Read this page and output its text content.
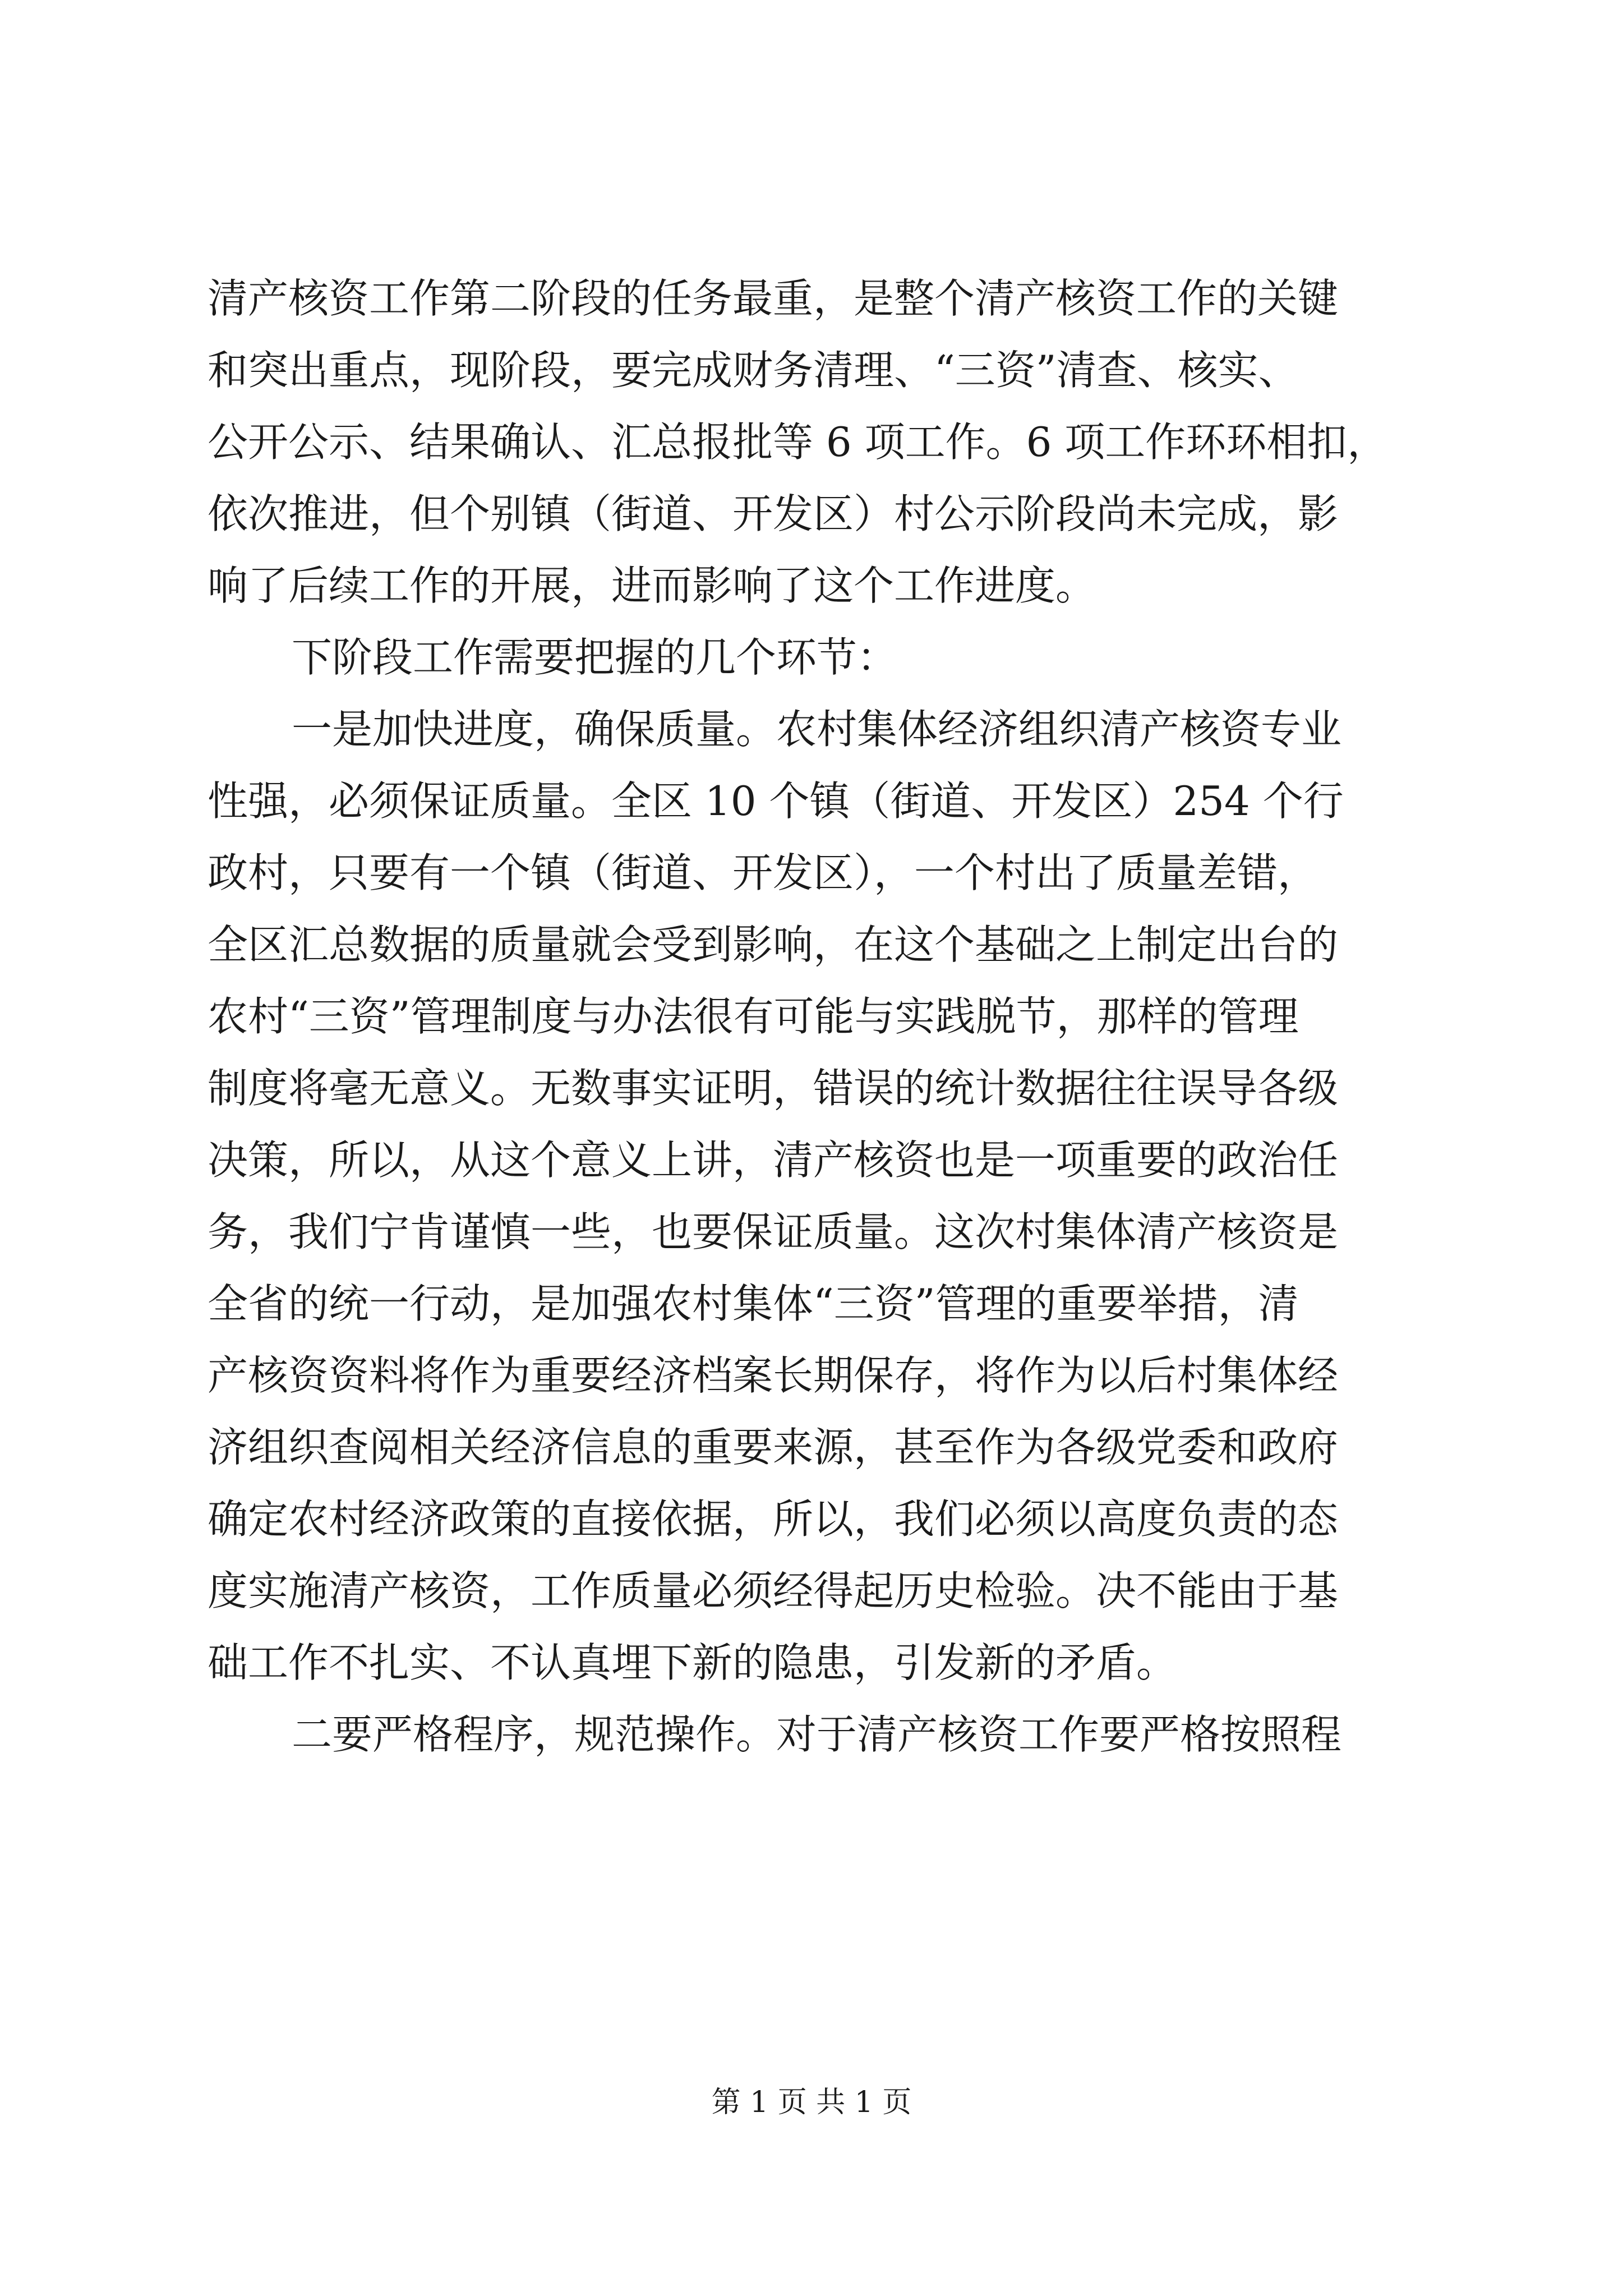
清产核资工作第二阶段的任务最重，是整个清产核资工作的关键
和突出重点，现阶段，要完成财务清理、“三资”清查、核实、
公开公示、结果确认、汇总报批等 6 项工作。6 项工作环环相扣，
依次推进，但个别镇（街道、开发区）村公示阶段尚未完成，影
响了后续工作的开展，进而影响了这个工作进度。
下阶段工作需要把握的几个环节：
一是加快进度，确保质量。农村集体经济组织清产核资专业
性强，必须保证质量。全区 10 个镇（街道、开发区）254 个行
政村，只要有一个镇（街道、开发区），一个村出了质量差错，
全区汇总数据的质量就会受到影响，在这个基础之上制定出台的
农村“三资”管理制度与办法很有可能与实践脱节，那样的管理
制度将毫无意义。无数事实证明，错误的统计数据往往误导各级
决策，所以，从这个意义上讲，清产核资也是一项重要的政治任
务，我们宁肯谨慎一些，也要保证质量。这次村集体清产核资是
全省的统一行动，是加强农村集体“三资”管理的重要举措，清
产核资资料将作为重要经济档案长期保存，将作为以后村集体经
济组织查阅相关经济信息的重要来源，甚至作为各级党委和政府
确定农村经济政策的直接依据，所以，我们必须以高度负责的态
度实施清产核资，工作质量必须经得起历史检验。决不能由于基
础工作不扎实、不认真埋下新的隐患，引发新的矛盾。
二要严格程序，规范操作。对于清产核资工作要严格按照程
第 1 页 共 1 页
